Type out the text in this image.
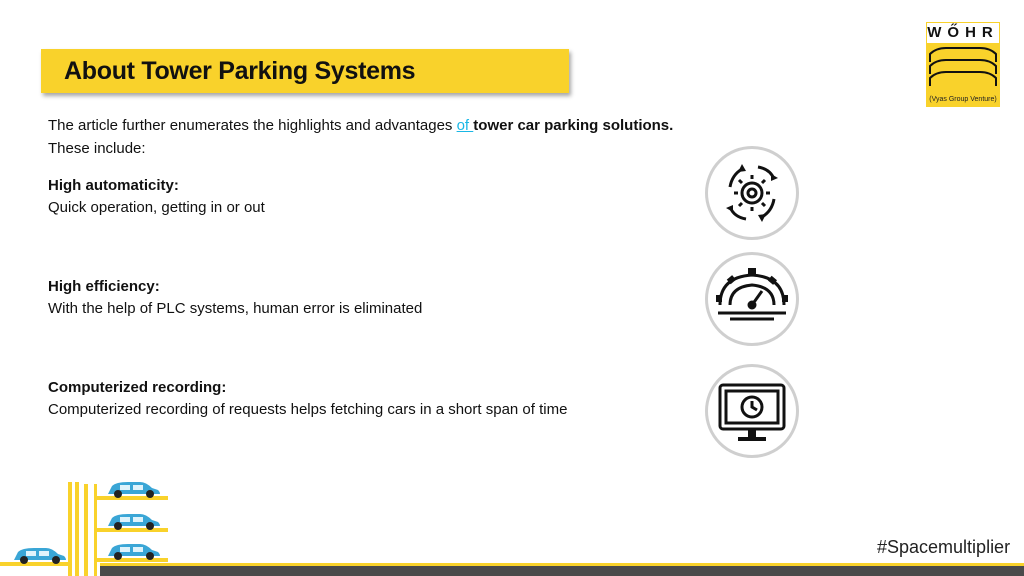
About Tower Parking Systems
WŐHR
(Vyas Group Venture)

The article further enumerates the highlights and advantages of tower car parking solutions. These include:

High automaticity:
Quick operation, getting in or out
High efficiency:
With the help of PLC systems, human error is eliminated
Computerized recording:
Computerized recording of requests helps fetching cars in a short span of time
#Spacemultiplier
